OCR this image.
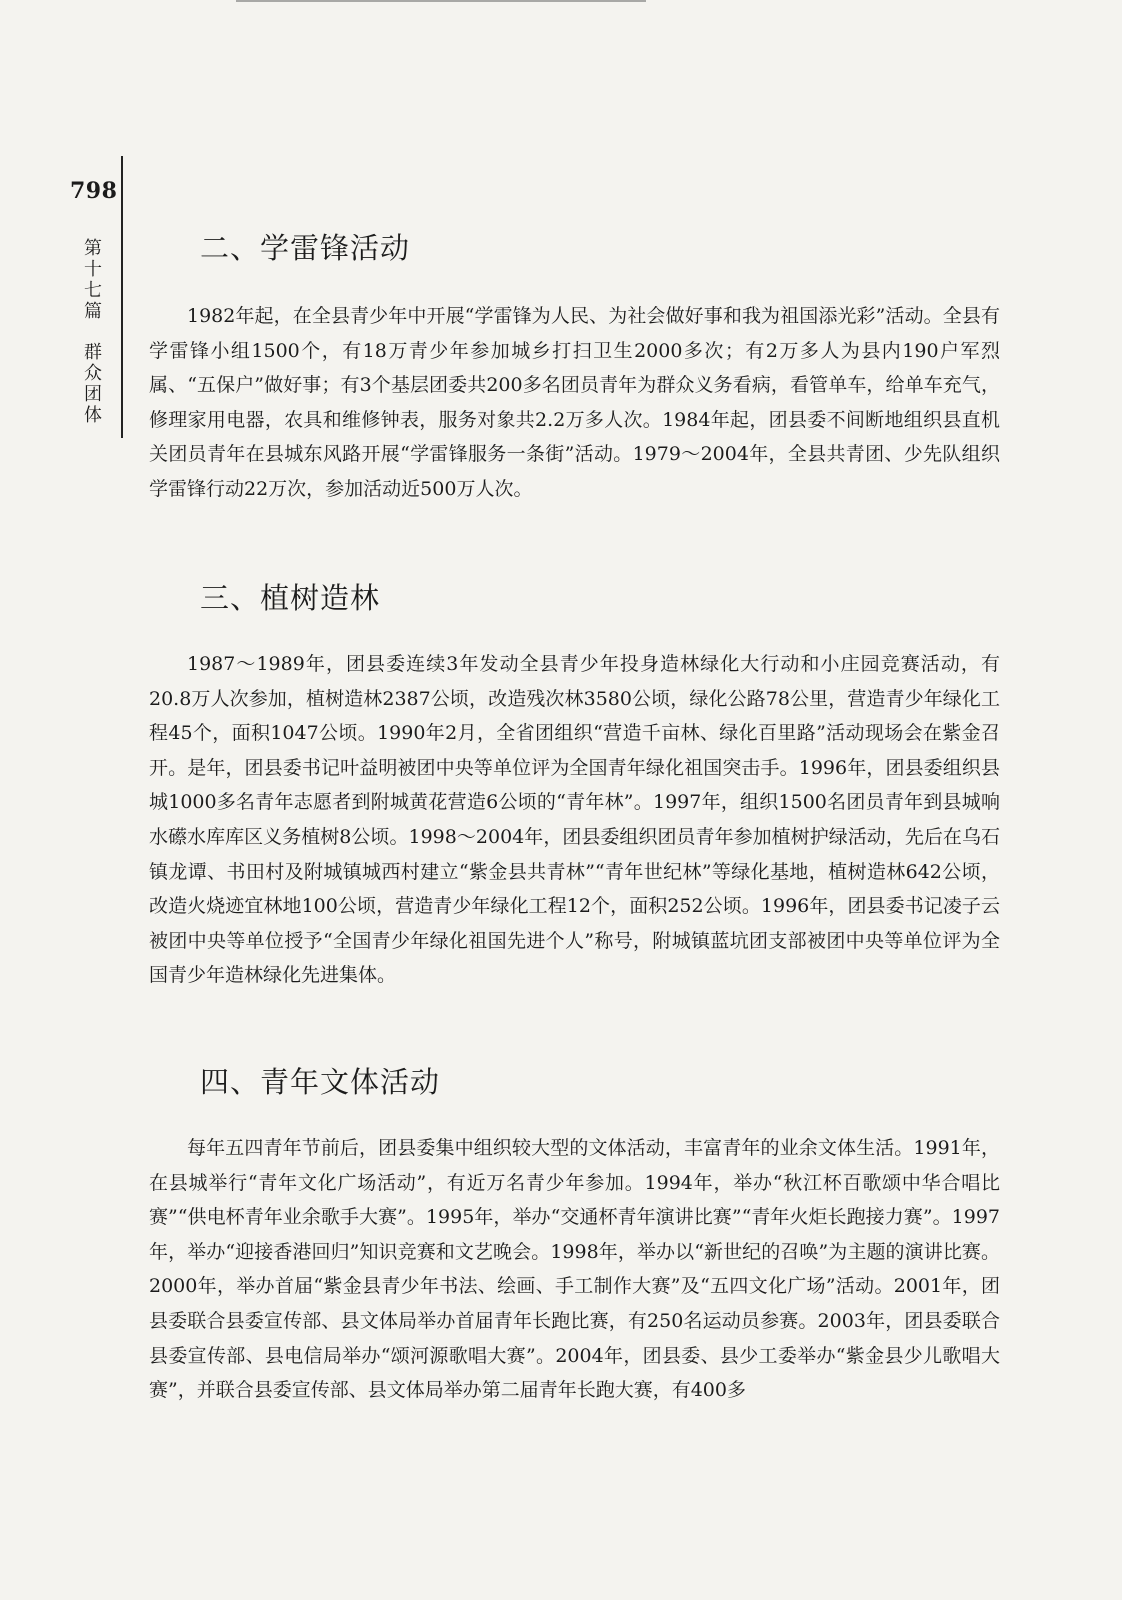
798
第
十
七
篇
群
众
团
体
二、学雷锋活动

1982年起，在全县青少年中开展“学雷锋为人民、为社会做好事和我为祖国添光彩”活动。全县有学雷锋小组1500个，有18万青少年参加城乡打扫卫生2000多次；有2万多人为县内190户军烈属、“五保户”做好事；有3个基层团委共200多名团员青年为群众义务看病，看管单车，给单车充气，修理家用电器，农具和维修钟表，服务对象共2.2万多人次。1984年起，团县委不间断地组织县直机关团员青年在县城东风路开展“学雷锋服务一条街”活动。1979～2004年，全县共青团、少先队组织学雷锋行动22万次，参加活动近500万人次。

三、植树造林

1987～1989年，团县委连续3年发动全县青少年投身造林绿化大行动和小庄园竞赛活动，有20.8万人次参加，植树造林2387公顷，改造残次林3580公顷，绿化公路78公里，营造青少年绿化工程45个，面积1047公顷。1990年2月，全省团组织“营造千亩林、绿化百里路”活动现场会在紫金召开。是年，团县委书记叶益明被团中央等单位评为全国青年绿化祖国突击手。1996年，团县委组织县城1000多名青年志愿者到附城黄花营造6公顷的“青年林”。1997年，组织1500名团员青年到县城响水礤水库库区义务植树8公顷。1998～2004年，团县委组织团员青年参加植树护绿活动，先后在乌石镇龙谭、书田村及附城镇城西村建立“紫金县共青林”“青年世纪林”等绿化基地，植树造林642公顷，改造火烧迹宜林地100公顷，营造青少年绿化工程12个，面积252公顷。1996年，团县委书记凌子云被团中央等单位授予“全国青少年绿化祖国先进个人”称号，附城镇蓝坑团支部被团中央等单位评为全国青少年造林绿化先进集体。

四、青年文体活动

每年五四青年节前后，团县委集中组织较大型的文体活动，丰富青年的业余文体生活。1991年，在县城举行“青年文化广场活动”，有近万名青少年参加。1994年，举办“秋江杯百歌颂中华合唱比赛”“供电杯青年业余歌手大赛”。1995年，举办“交通杯青年演讲比赛”“青年火炬长跑接力赛”。1997年，举办“迎接香港回归”知识竞赛和文艺晚会。1998年，举办以“新世纪的召唤”为主题的演讲比赛。2000年，举办首届“紫金县青少年书法、绘画、手工制作大赛”及“五四文化广场”活动。2001年，团县委联合县委宣传部、县文体局举办首届青年长跑比赛，有250名运动员参赛。2003年，团县委联合县委宣传部、县电信局举办“颂河源歌唱大赛”。2004年，团县委、县少工委举办“紫金县少儿歌唱大赛”，并联合县委宣传部、县文体局举办第二届青年长跑大赛，有400多
